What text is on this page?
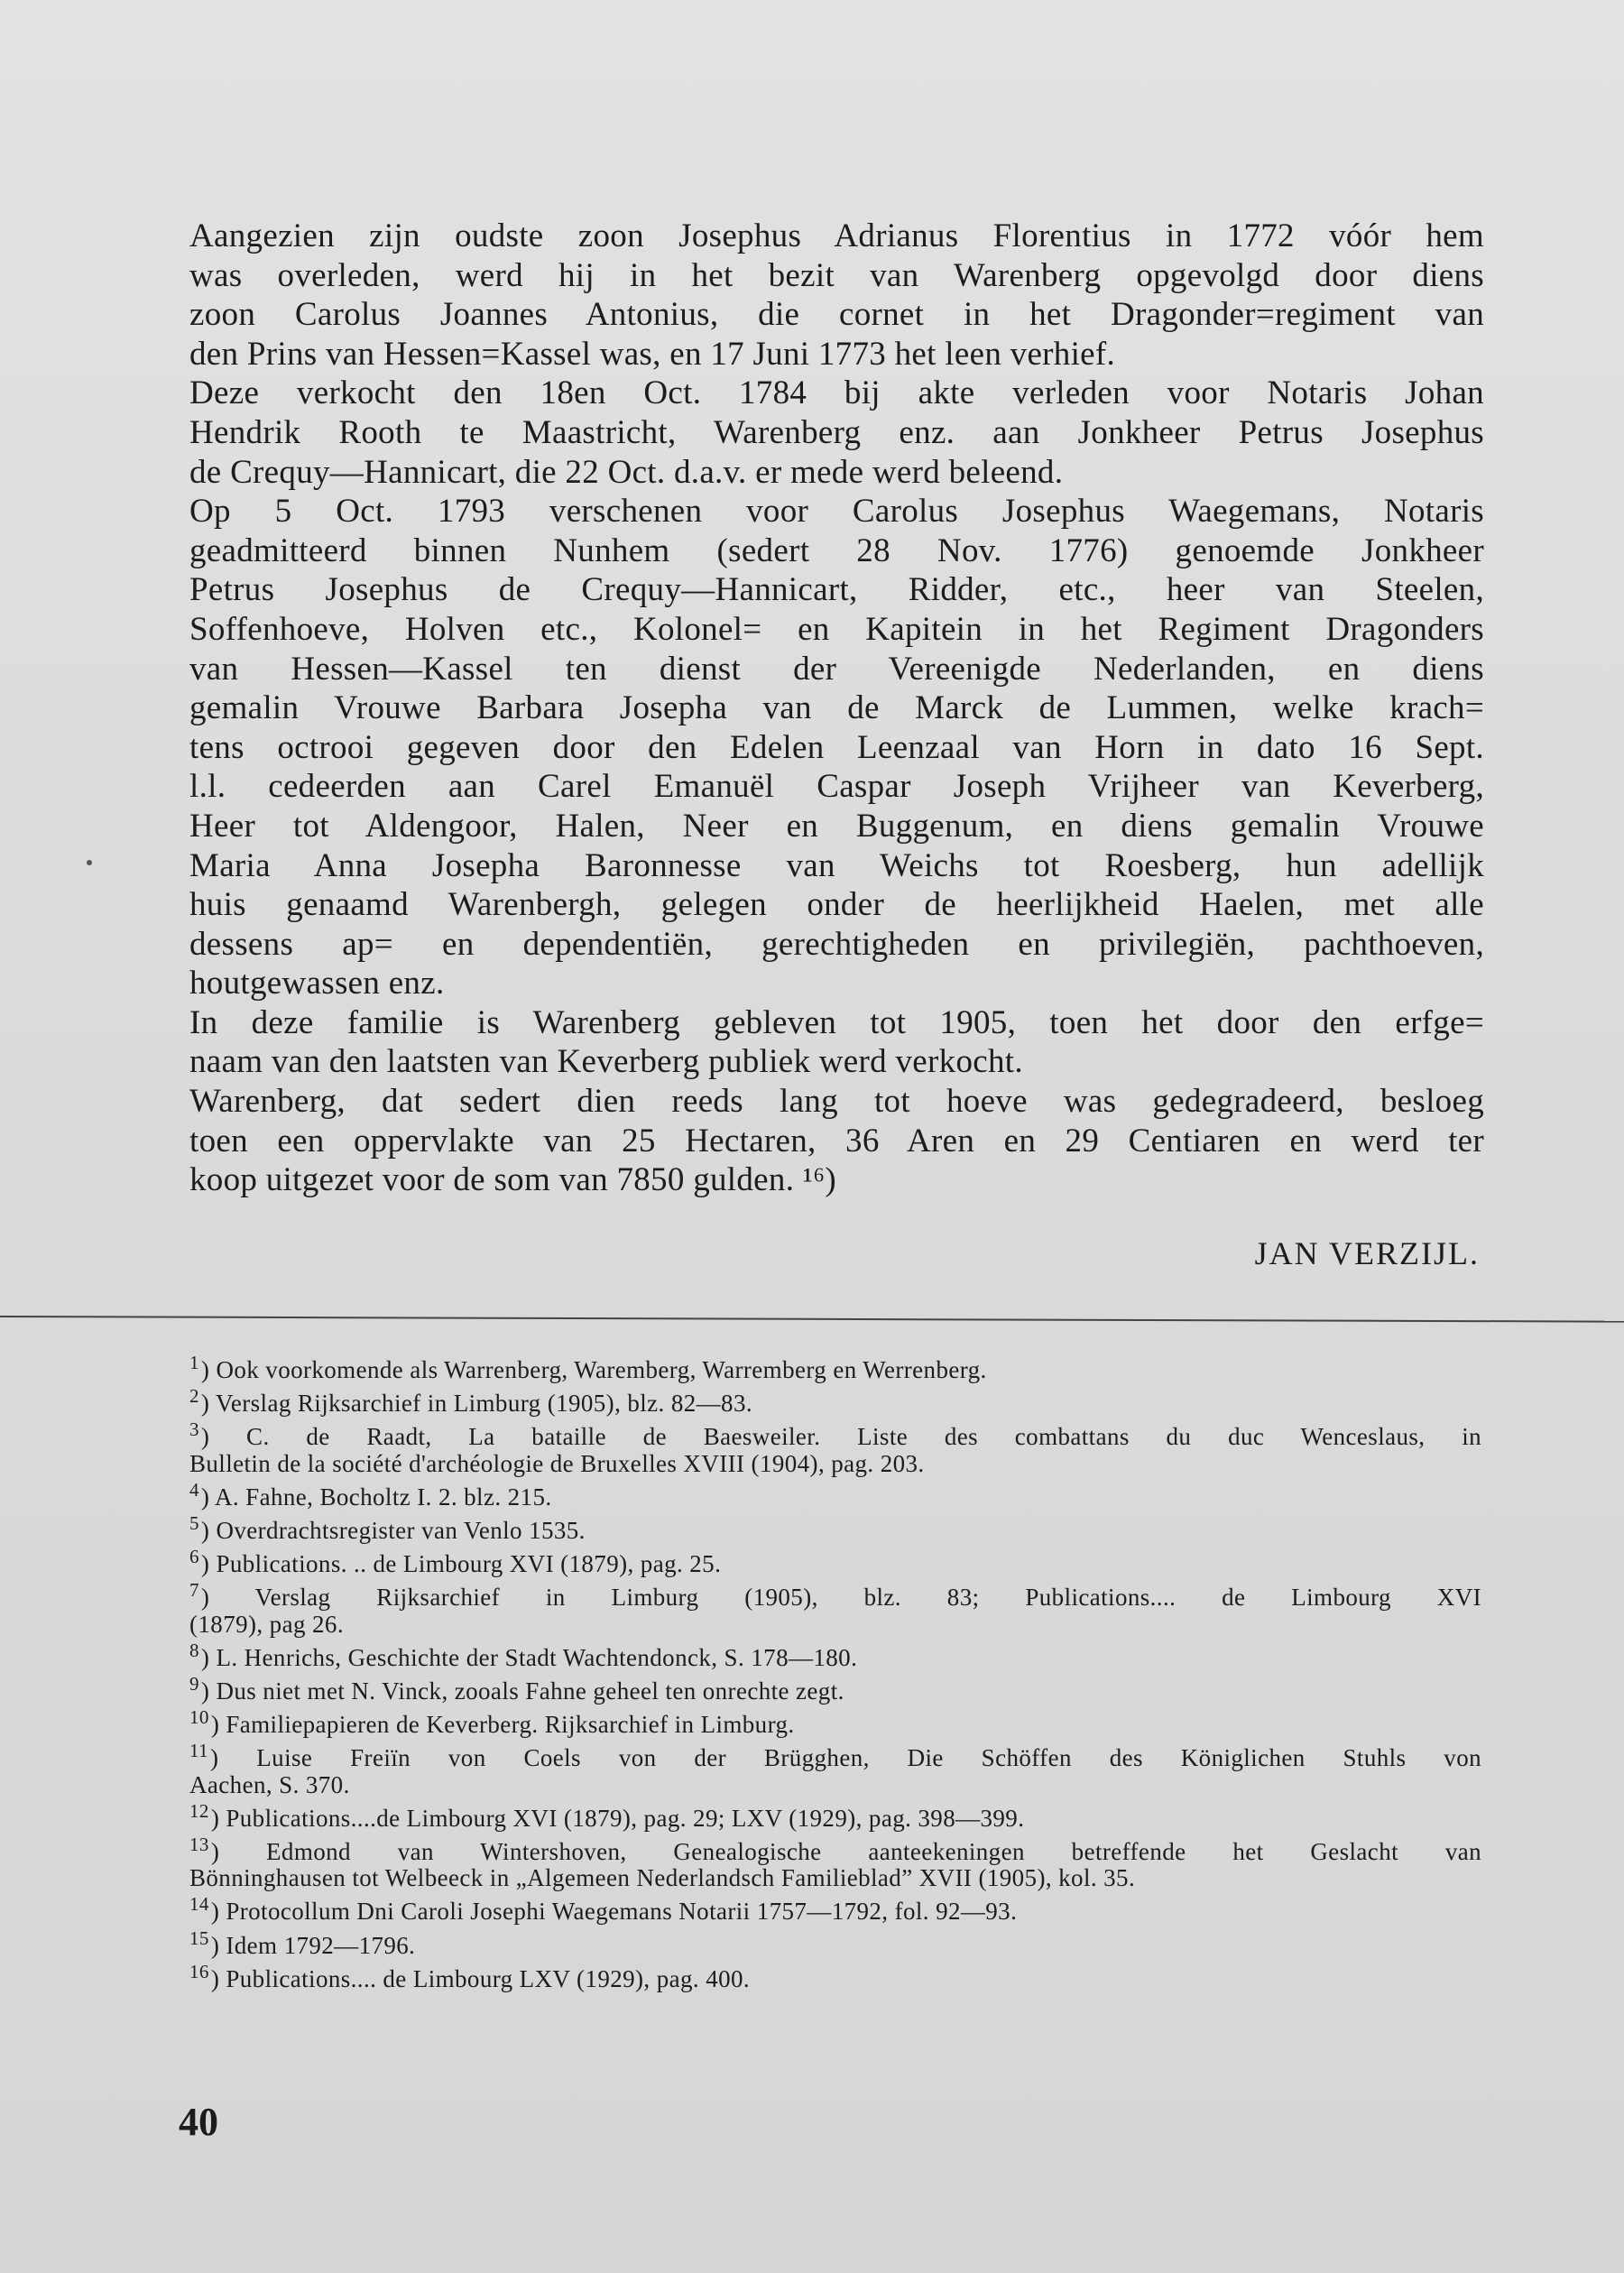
Aangezien zijn oudste zoon Josephus Adrianus Florentius in 1772 vóór hem
was overleden, werd hij in het bezit van Warenberg opgevolgd door diens
zoon Carolus Joannes Antonius, die cornet in het Dragonder=regiment van
den Prins van Hessen=Kassel was, en 17 Juni 1773 het leen verhief.
Deze verkocht den 18en Oct. 1784 bij akte verleden voor Notaris Johan
Hendrik Rooth te Maastricht, Warenberg enz. aan Jonkheer Petrus Josephus
de Crequy—Hannicart, die 22 Oct. d.a.v. er mede werd beleend.
Op 5 Oct. 1793 verschenen voor Carolus Josephus Waegemans, Notaris
geadmitteerd binnen Nunhem (sedert 28 Nov. 1776) genoemde Jonkheer
Petrus Josephus de Crequy—Hannicart, Ridder, etc., heer van Steelen,
Soffenhoeve, Holven etc., Kolonel= en Kapitein in het Regiment Dragonders
van Hessen—Kassel ten dienst der Vereenigde Nederlanden, en diens
gemalin Vrouwe Barbara Josepha van de Marck de Lummen, welke krach=
tens octrooi gegeven door den Edelen Leenzaal van Horn in dato 16 Sept.
l.l. cedeerden aan Carel Emanuël Caspar Joseph Vrijheer van Keverberg,
Heer tot Aldengoor, Halen, Neer en Buggenum, en diens gemalin Vrouwe
Maria Anna Josepha Baronnesse van Weichs tot Roesberg, hun adellijk
huis genaamd Warenbergh, gelegen onder de heerlijkheid Haelen, met alle
dessens ap= en dependentiën, gerechtigheden en privilegiën, pachthoeven,
houtgewassen enz.
In deze familie is Warenberg gebleven tot 1905, toen het door den erfge=
naam van den laatsten van Keverberg publiek werd verkocht.
Warenberg, dat sedert dien reeds lang tot hoeve was gedegradeerd, besloeg
toen een oppervlakte van 25 Hectaren, 36 Aren en 29 Centiaren en werd ter
koop uitgezet voor de som van 7850 gulden. ¹⁶)
JAN VERZIJL.
$^1$) Ook voorkomende als Warrenberg, Waremberg, Warremberg en Werrenberg.
$^2$) Verslag Rijksarchief in Limburg (1905), blz. 82—83.
$^3$) C. de Raadt, La bataille de Baesweiler. Liste des combattans du duc Wenceslaus, in
Bulletin de la société d'archéologie de Bruxelles XVIII (1904), pag. 203.
$^4$) A. Fahne, Bocholtz I. 2. blz. 215.
$^5$) Overdrachtsregister van Venlo 1535.
$^6$) Publications. .. de Limbourg XVI (1879), pag. 25.
$^7$) Verslag Rijksarchief in Limburg (1905), blz. 83; Publications.... de Limbourg XVI
(1879), pag 26.
$^8$) L. Henrichs, Geschichte der Stadt Wachtendonck, S. 178—180.
$^9$) Dus niet met N. Vinck, zooals Fahne geheel ten onrechte zegt.
$^{10}$) Familiepapieren de Keverberg. Rijksarchief in Limburg.
$^{11}$) Luise Freiïn von Coels von der Brügghen, Die Schöffen des Königlichen Stuhls von
Aachen, S. 370.
$^{12}$) Publications....de Limbourg XVI (1879), pag. 29; LXV (1929), pag. 398—399.
$^{13}$) Edmond van Wintershoven, Genealogische aanteekeningen betreffende het Geslacht van
Bönninghausen tot Welbeeck in „Algemeen Nederlandsch Familieblad” XVII (1905), kol. 35.
$^{14}$) Protocollum Dni Caroli Josephi Waegemans Notarii 1757—1792, fol. 92—93.
$^{15}$) Idem 1792—1796.
$^{16}$) Publications.... de Limbourg LXV (1929), pag. 400.
40
